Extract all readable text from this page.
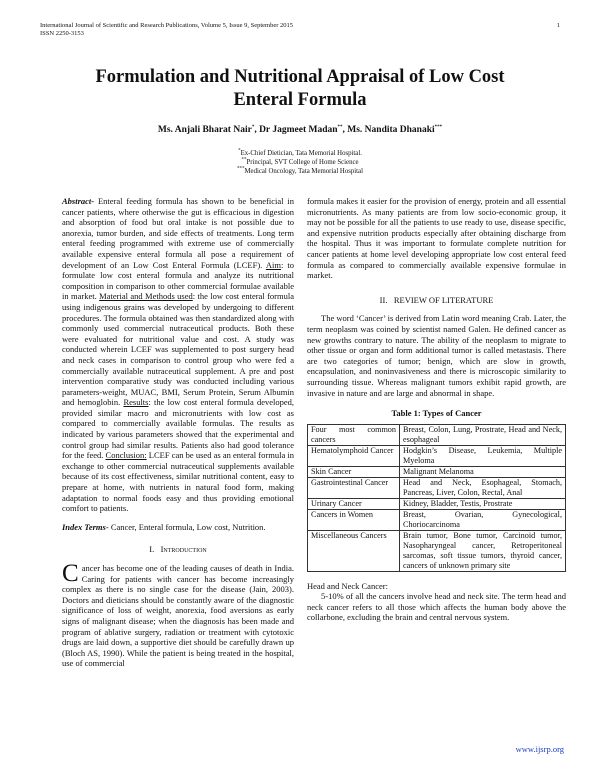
International Journal of Scientific and Research Publications, Volume 5, Issue 9, September 2015	1
ISSN 2250-3153
Formulation and Nutritional Appraisal of Low Cost
Enteral Formula
Ms. Anjali Bharat Nair*, Dr Jagmeet Madan**, Ms. Nandita Dhanaki***
*Ex-Chief Dietician, Tata Memorial Hospital.
**Principal, SVT College of Home Science
***Medical Oncology, Tata Memorial Hospital

Abstract- Enteral feeding formula has shown to be beneficial in cancer patients, where otherwise the gut is efficacious in digestion and absorption of food but oral intake is not possible due to anorexia, tumor burden, and side effects of treatments. Long term enteral feeding programmed with extreme use of commercially available expensive enteral formula all pose a requirement of development of an Low Cost Enteral Formula (LCEF). Aim: to formulate low cost enteral formula and analyze its nutritional composition in comparison to other commercial formulae available in market. Material and Methods used: the low cost enteral formula using indigenous grains was developed by undergoing to different procedures. The formula obtained was then standardized along with commonly used commercial nutraceutical products. Both these were evaluated for nutritional value and cost. A study was conducted wherein LCEF was supplemented to post surgery head and neck cases in comparison to control group who were fed a commercially available nutraceutical supplement. A pre and post intervention comparative study was conducted including various parameters-weight, MUAC, BMI, Serum Protein, Serum Albumin and hemoglobin. Results: the low cost enteral formula developed, provided similar macro and micronutrients with low cost as compared to commercially available formulas. The results as indicated by various parameters showed that the experimental and control group had similar results. Patients also had good tolerance for the feed. Conclusion: LCEF can be used as an enteral formula in exchange to other commercial nutraceutical supplements available because of its cost effectiveness, similar nutritional content, easy to prepare at home, with nutrients in natural food form, making adaptation to normal foods easy and thus providing emotional comfort to patients.

Index Terms- Cancer, Enteral formula, Low cost, Nutrition.

I. Introduction

Cancer has become one of the leading causes of death in India. Caring for patients with cancer has become increasingly complex as there is no single case for the disease (Jain, 2003). Doctors and dieticians should be constantly aware of the diagnostic significance of loss of weight, anorexia, food aversions as early signs of malignant disease; when the diagnosis has been made and program of ablative surgery, radiation or treatment with cytotoxic drugs are laid down, a supportive diet should be carefully drawn up (Bloch AS, 1990). While the patient is being treated in the hospital, use of commercial

formula makes it easier for the provision of energy, protein and all essential micronutrients. As many patients are from low socio-economic group, it may not be possible for all the patients to use ready to use, disease specific, and expensive nutrition products especially after obtaining discharge from the hospital. Thus it was important to formulate complete nutrition for cancer patients at home level developing appropriate low cost enteral feed formula as compared to commercially available expensive formulae in market.

II. REVIEW OF LITERATURE

The word ‘Cancer’ is derived from Latin word meaning Crab. Later, the term neoplasm was coined by scientist named Galen. He defined cancer as new growths contrary to nature. The ability of the neoplasm to migrate to other tissue or organ and form additional tumor is called metastasis. There are two categories of tumor; benign, which are slow in growth, encapsulation, and noninvasiveness and there is microscopic similarity to surrounding tissue. Whereas malignant tumors exhibit rapid growth, are invasive in nature and are large and abnormal in shape.

Table 1: Types of Cancer
Four most common cancers	Breast, Colon, Lung, Prostrate, Head and Neck, esophageal
Hematolymphoid Cancer	Hodgkin’s Disease, Leukemia, Multiple Myeloma
Skin Cancer	Malignant Melanoma
Gastrointestinal Cancer	Head and Neck, Esophageal, Stomach, Pancreas, Liver, Colon, Rectal, Anal
Urinary Cancer	Kidney, Bladder, Testis, Prostrate
Cancers in Women	Breast, Ovarian, Gynecological, Choriocarcinoma
Miscellaneous Cancers	Brain tumor, Bone tumor, Carcinoid tumor, Nasopharyngeal cancer, Retroperitoneal sarcomas, soft tissue tumors, thyroid cancer, cancers of unknown primary site

Head and Neck Cancer:

5-10% of all the cancers involve head and neck site. The term head and neck cancer refers to all those which affects the human body above the collarbone, excluding the brain and central nervous system.

www.ijsrp.org
